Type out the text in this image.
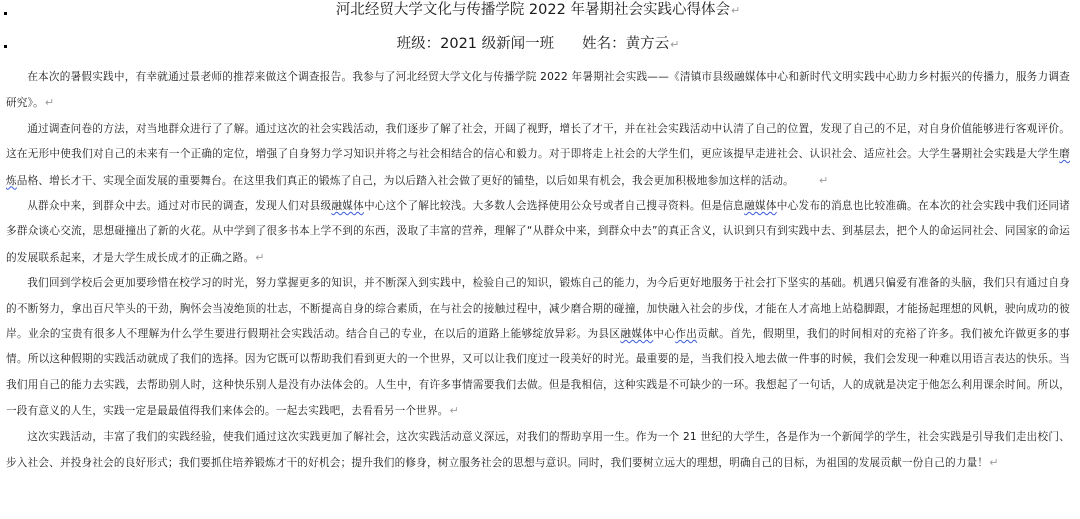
河北经贸大学文化与传播学院 2022 年暑期社会实践心得体会↵
班级：2021 级新闻一班 姓名：黄方云↵

在本次的暑假实践中，有幸就通过景老师的推荐来做这个调查报告。我参与了河北经贸大学文化与传播学院 2022 年暑期社会实践——《清镇市县级融媒体中心和新时代文明实践中心助力乡村振兴的传播力，服务力调查研究》。↵

通过调查问卷的方法，对当地群众进行了了解。通过这次的社会实践活动，我们逐步了解了社会，开阔了视野，增长了才干，并在社会实践活动中认清了自己的位置，发现了自己的不足，对自身价值能够进行客观评价。这在无形中使我们对自己的未来有一个正确的定位，增强了自身努力学习知识并将之与社会相结合的信心和毅力。对于即将走上社会的大学生们，更应该提早走进社会、认识社会、适应社会。大学生暑期社会实践是大学生磨炼品格、增长才干、实现全面发展的重要舞台。在这里我们真正的锻炼了自己，为以后踏入社会做了更好的铺垫，以后如果有机会，我会更加积极地参加这样的活动。 ↵

从群众中来，到群众中去。通过对市民的调查，发现人们对县级融媒体中心这个了解比较浅。大多数人会选择使用公众号或者自己搜寻资料。但是信息融媒体中心发布的消息也比较准确。在本次的社会实践中我们还同诸多群众谈心交流，思想碰撞出了新的火花。从中学到了很多书本上学不到的东西，汲取了丰富的营养，理解了“从群众中来，到群众中去”的真正含义，认识到只有到实践中去、到基层去，把个人的命运同社会、同国家的命运的发展联系起来，才是大学生成长成才的正确之路。↵

我们回到学校后会更加要珍惜在校学习的时光，努力掌握更多的知识，并不断深入到实践中，检验自己的知识，锻炼自己的能力，为今后更好地服务于社会打下坚实的基础。机遇只偏爱有准备的头脑，我们只有通过自身的不断努力，拿出百尺竿头的干劲，胸怀会当凌绝顶的壮志，不断提高自身的综合素质，在与社会的接触过程中，减少磨合期的碰撞，加快融入社会的步伐，才能在人才高地上站稳脚跟，才能扬起理想的风帆，驶向成功的彼岸。业余的宝贵有很多人不理解为什么学生要进行假期社会实践活动。结合自己的专业，在以后的道路上能够绽放异彩。为县区融媒体中心作出贡献。首先，假期里，我们的时间相对的充裕了许多。我们被允许做更多的事情。所以这种假期的实践活动就成了我们的选择。因为它既可以帮助我们看到更大的一个世界，又可以让我们度过一段美好的时光。最重要的是，当我们投入地去做一件事的时候，我们会发现一种难以用语言表达的快乐。当我们用自己的能力去实践，去帮助别人时，这种快乐别人是没有办法体会的。人生中，有许多事情需要我们去做。但是我相信，这种实践是不可缺少的一环。我想起了一句话，人的成就是决定于他怎么利用课余时间。所以，一段有意义的人生，实践一定是最最值得我们来体会的。一起去实践吧，去看看另一个世界。↵

这次实践活动，丰富了我们的实践经验，使我们通过这次实践更加了解社会，这次实践活动意义深远，对我们的帮助享用一生。作为一个 21 世纪的大学生，各是作为一个新闻学的学生，社会实践是引导我们走出校门、步入社会、并投身社会的良好形式；我们要抓住培养锻炼才干的好机会；提升我们的修身，树立服务社会的思想与意识。同时，我们要树立远大的理想，明确自己的目标，为祖国的发展贡献一份自己的力量！↵
